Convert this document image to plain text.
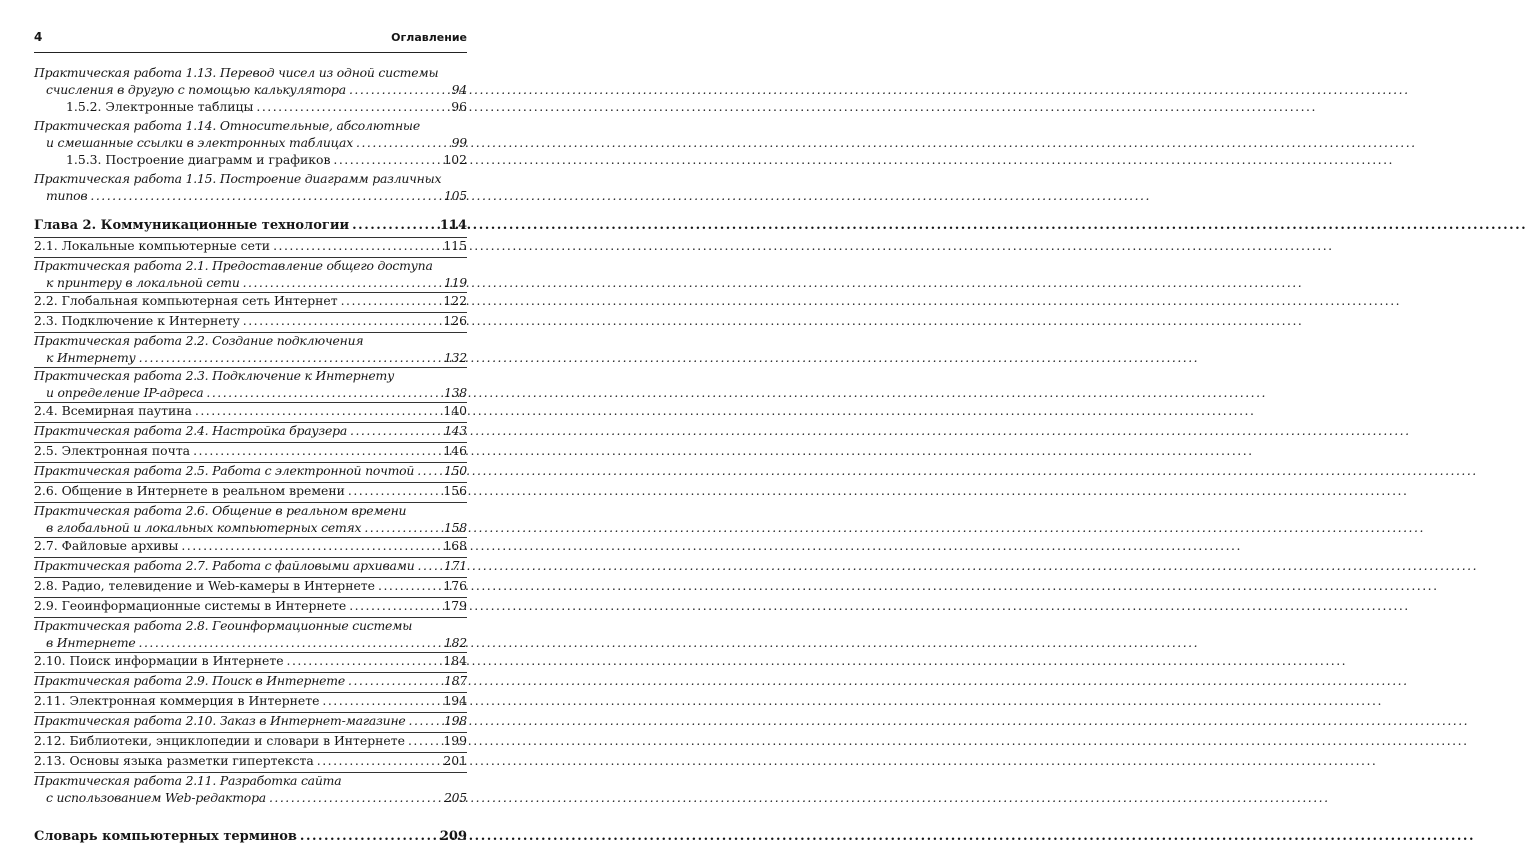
4	Оглавление
Практическая работа 1.13. Перевод чисел из одной системы
счисления в другую с помощью калькулятора .....	94
1.5.2. Электронные таблицы .....	96
Практическая работа 1.14. Относительные, абсолютные
и смешанные ссылки в электронных таблицах .....	99
1.5.3. Построение диаграмм и графиков .....	102
Практическая работа 1.15. Построение диаграмм различных
типов .....	105
Глава 2. Коммуникационные технологии .....	114
2.1. Локальные компьютерные сети .....	115
Практическая работа 2.1. Предоставление общего доступа
к принтеру в локальной сети .....	119
2.2. Глобальная компьютерная сеть Интернет .....	122
2.3. Подключение к Интернету .....	126
Практическая работа 2.2. Создание подключения
к Интернету .....	132
Практическая работа 2.3. Подключение к Интернету
и определение IP-адреса .....	138
2.4. Всемирная паутина .....	140
Практическая работа 2.4. Настройка браузера .....	143
2.5. Электронная почта .....	146
Практическая работа 2.5. Работа с электронной почтой ..... 150
2.6. Общение в Интернете в реальном времени .....	156
Практическая работа 2.6. Общение в реальном времени
в глобальной и локальных компьютерных сетях .....	158
2.7. Файловые архивы .....	168
Практическая работа 2.7. Работа с файловыми архивами ..... 171
2.8. Радио, телевидение и Web-камеры в Интернете .....	176
2.9. Геоинформационные системы в Интернете .....	179
Практическая работа 2.8. Геоинформационные системы
в Интернете .....	182
2.10. Поиск информации в Интернете .....	184
Практическая работа 2.9. Поиск в Интернете .....	187
2.11. Электронная коммерция в Интернете .....	194
Практическая работа 2.10. Заказ в Интернет-магазине .....	198
2.12. Библиотеки, энциклопедии и словари в Интернете .....	199
2.13. Основы языка разметки гипертекста .....	201
Практическая работа 2.11. Разработка сайта
с использованием Web-редактора .....	205
Словарь компьютерных терминов .....	209
